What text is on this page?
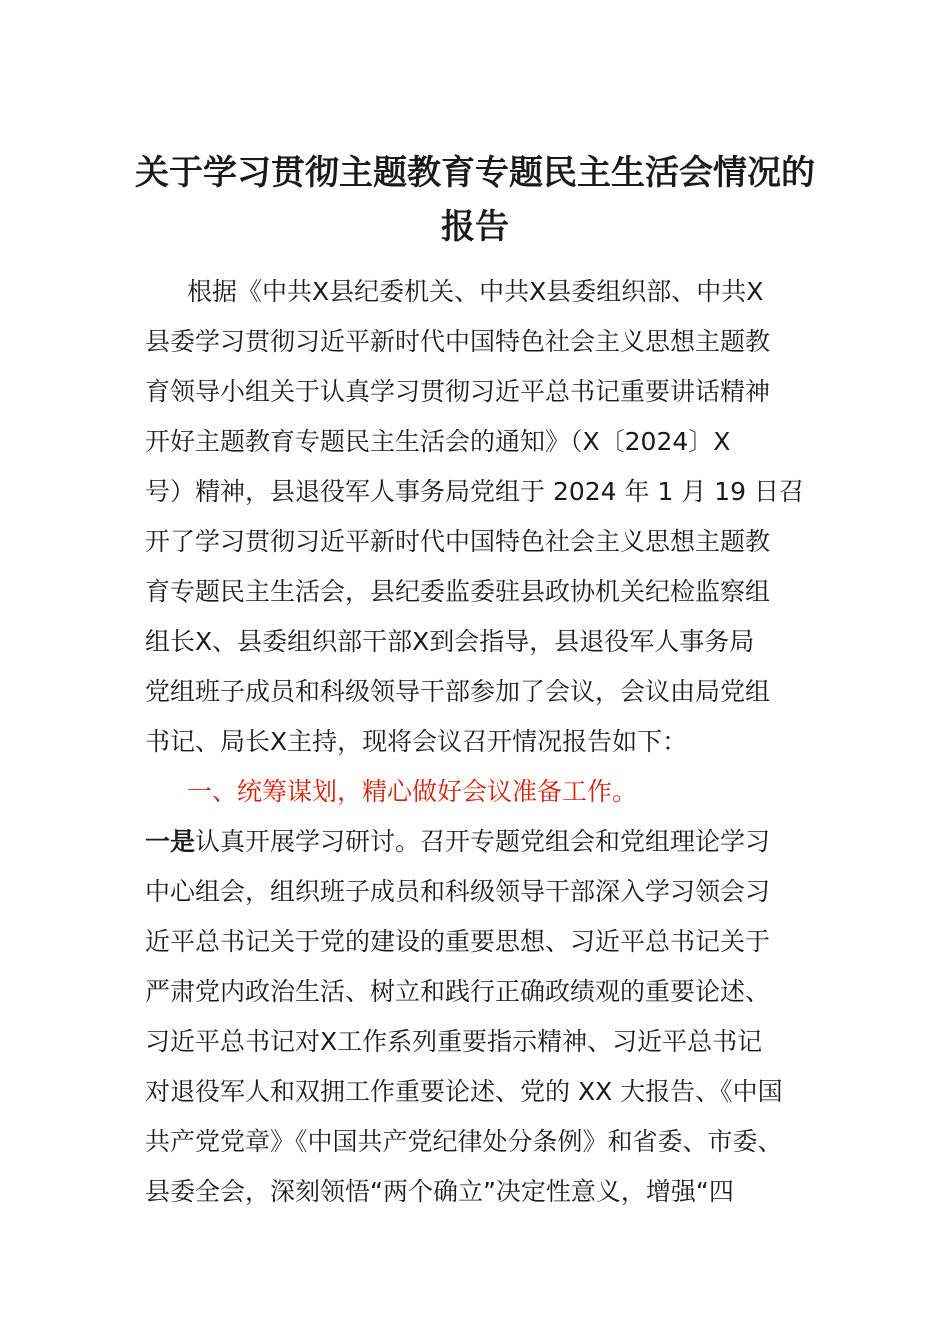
关于学习贯彻主题教育专题民主生活会情况的报告

根据《中共Ⅹ县纪委机关、中共Ⅹ县委组织部、中共Ⅹ

县委学习贯彻习近平新时代中国特色社会主义思想主题教

育领导小组关于认真学习贯彻习近平总书记重要讲话精神

开好主题教育专题民主生活会的通知》（Ⅹ〔2024〕Ⅹ

号）精神，县退役军人事务局党组于 2024 年 1 月 19 日召

开了学习贯彻习近平新时代中国特色社会主义思想主题教

育专题民主生活会，县纪委监委驻县政协机关纪检监察组

组长Ⅹ、县委组织部干部Ⅹ到会指导，县退役军人事务局

党组班子成员和科级领导干部参加了会议，会议由局党组

书记、局长Ⅹ主持，现将会议召开情况报告如下：

一、统筹谋划，精心做好会议准备工作。

一是认真开展学习研讨。召开专题党组会和党组理论学习

中心组会，组织班子成员和科级领导干部深入学习领会习

近平总书记关于党的建设的重要思想、习近平总书记关于

严肃党内政治生活、树立和践行正确政绩观的重要论述、

习近平总书记对Ⅹ工作系列重要指示精神、习近平总书记

对退役军人和双拥工作重要论述、党的 XX 大报告、《中国

共产党党章》《中国共产党纪律处分条例》和省委、市委、

县委全会，深刻领悟“两个确立”决定性意义，增强“四
